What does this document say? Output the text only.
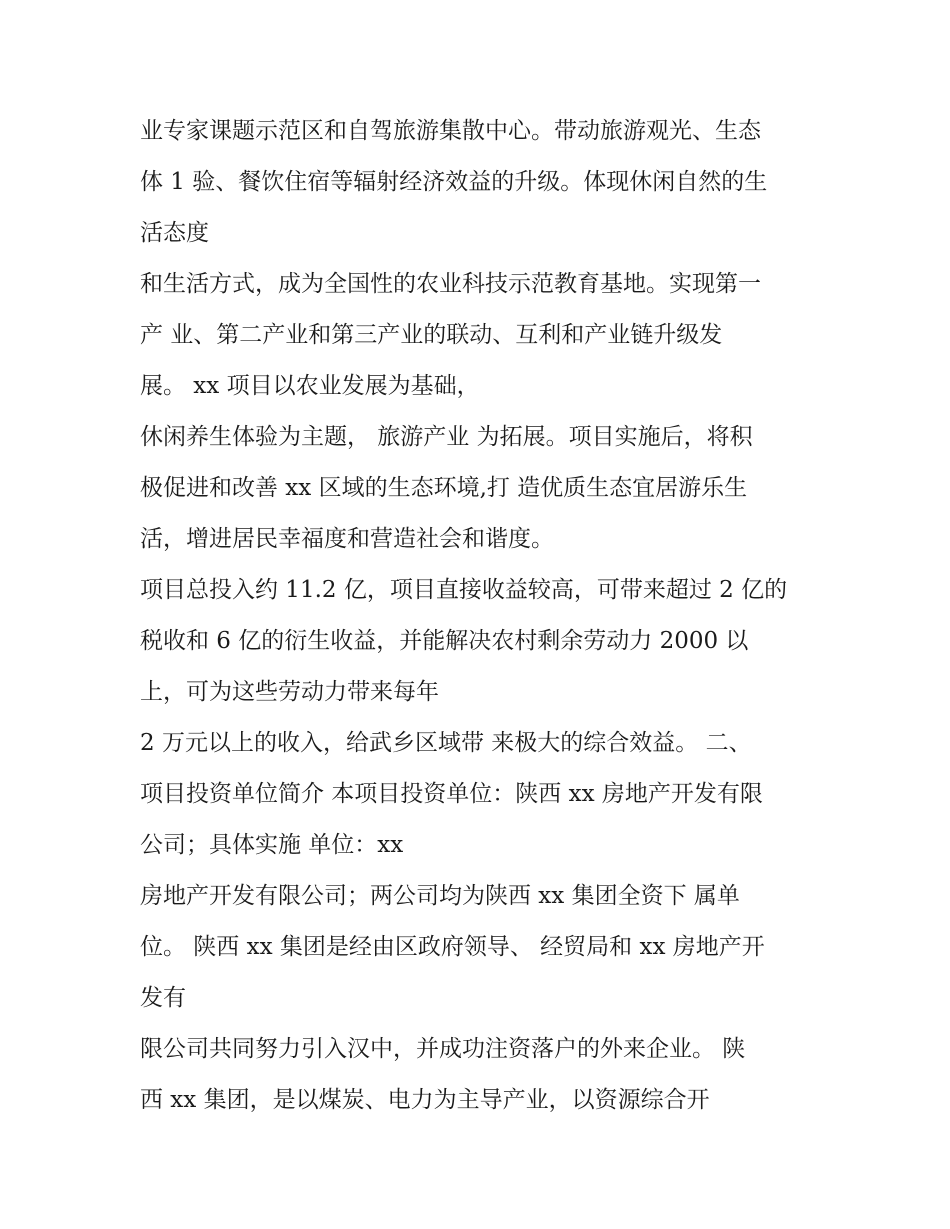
业专家课题示范区和自驾旅游集散中心。带动旅游观光、生态
体 1 验、餐饮住宿等辐射经济效益的升级。体现休闲自然的生
活态度
和生活方式，成为全国性的农业科技示范教育基地。实现第一
产 业、第二产业和第三产业的联动、互利和产业链升级发
展。 xx 项目以农业发展为基础，
休闲养生体验为主题， 旅游产业 为拓展。项目实施后，将积
极促进和改善 xx 区域的生态环境,打 造优质生态宜居游乐生
活，增进居民幸福度和营造社会和谐度。
项目总投入约 11.2 亿，项目直接收益较高，可带来超过 2 亿的
税收和 6 亿的衍生收益，并能解决农村剩余劳动力 2000 以
上，可为这些劳动力带来每年
2 万元以上的收入，给武乡区域带 来极大的综合效益。 二、
项目投资单位简介 本项目投资单位：陕西 xx 房地产开发有限
公司；具体实施 单位：xx
房地产开发有限公司；两公司均为陕西 xx 集团全资下 属单
位。 陕西 xx 集团是经由区政府领导、 经贸局和 xx 房地产开
发有
限公司共同努力引入汉中，并成功注资落户的外来企业。 陕
西 xx 集团，是以煤炭、电力为主导产业，以资源综合开
